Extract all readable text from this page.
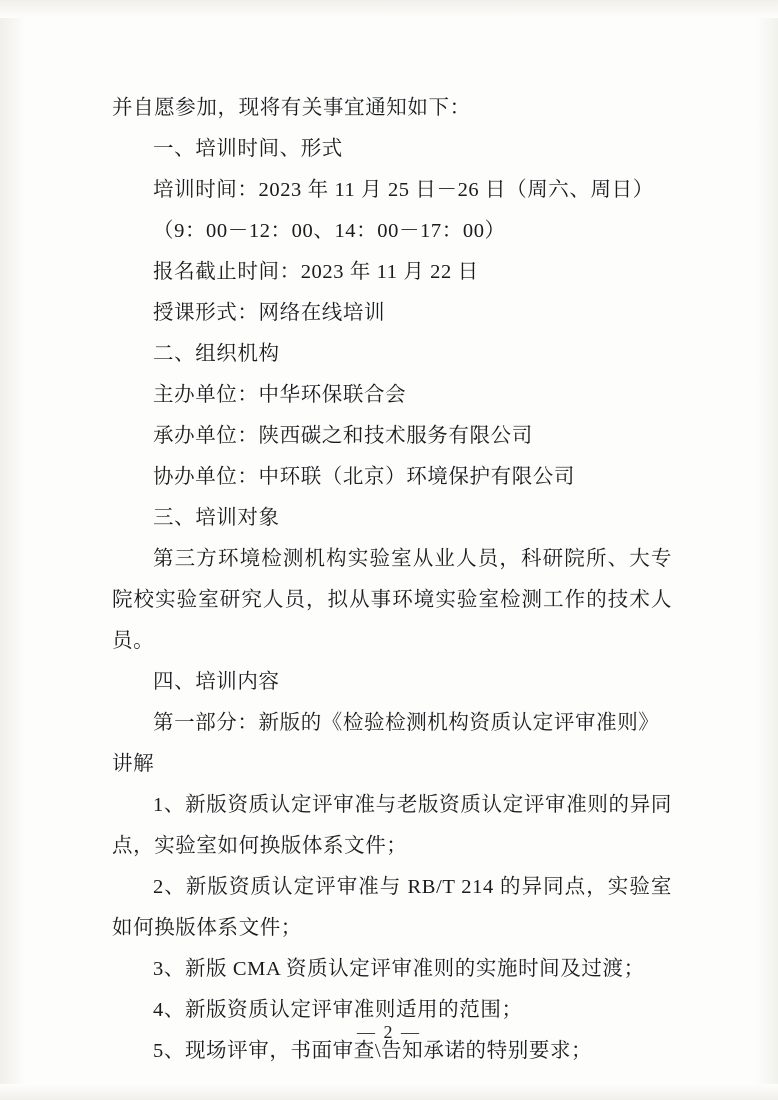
并自愿参加，现将有关事宜通知如下：
一、培训时间、形式
培训时间：2023 年 11 月 25 日－26 日（周六、周日）
（9：00－12：00、14：00－17：00）
报名截止时间：2023 年 11 月 22 日
授课形式：网络在线培训
二、组织机构
主办单位：中华环保联合会
承办单位：陕西碳之和技术服务有限公司
协办单位：中环联（北京）环境保护有限公司
三、培训对象
第三方环境检测机构实验室从业人员，科研院所、大专院校实验室研究人员，拟从事环境实验室检测工作的技术人员。
四、培训内容
第一部分：新版的《检验检测机构资质认定评审准则》讲解
1、新版资质认定评审准与老版资质认定评审准则的异同点，实验室如何换版体系文件；
2、新版资质认定评审准与 RB/T 214 的异同点，实验室如何换版体系文件；
3、新版 CMA 资质认定评审准则的实施时间及过渡；
4、新版资质认定评审准则适用的范围；
5、现场评审，书面审查\告知承诺的特别要求；
— 2 —
